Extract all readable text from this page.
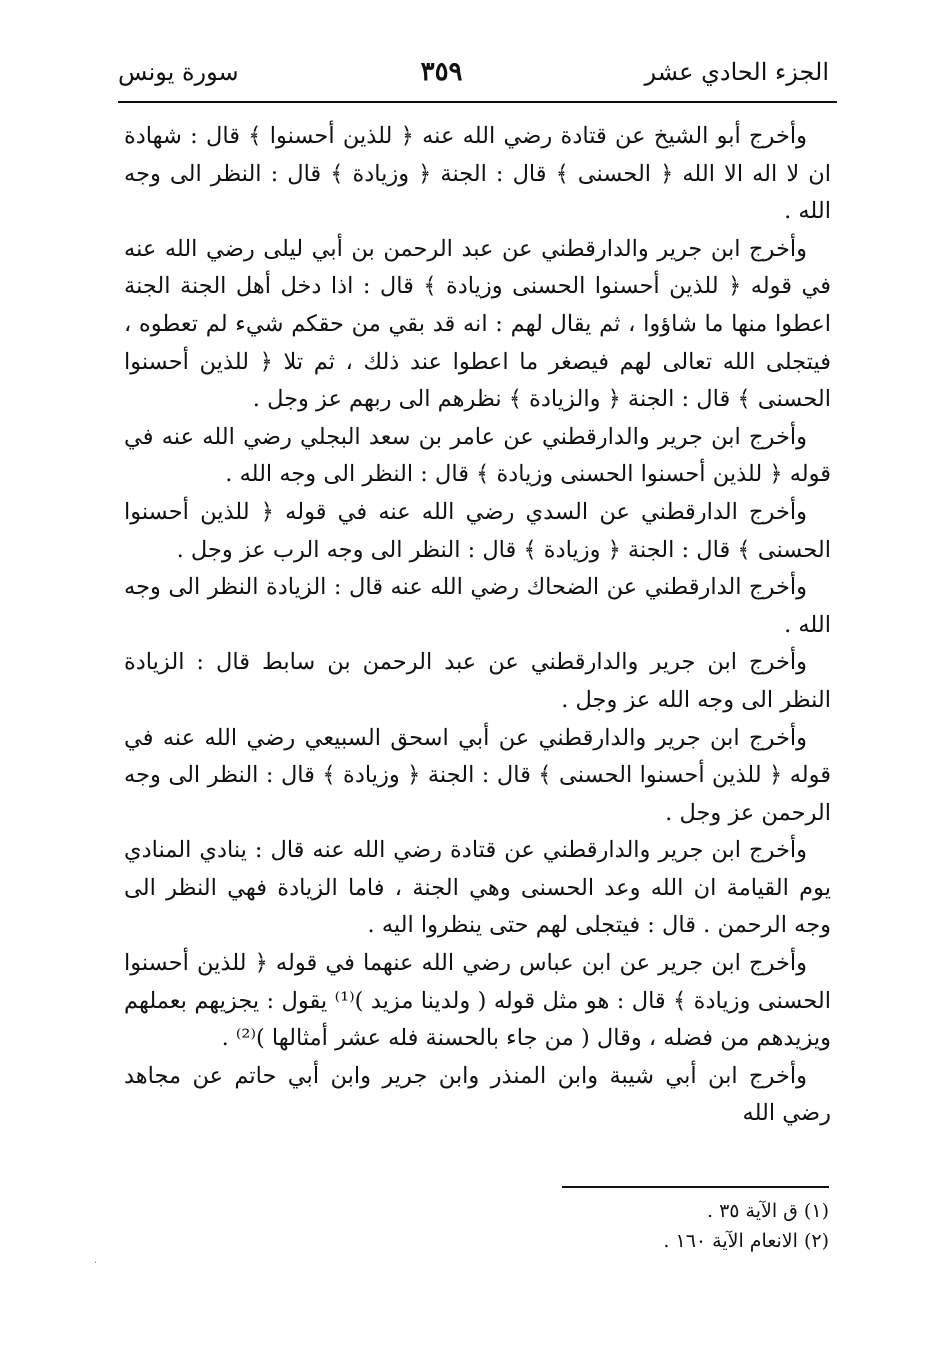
الجزء الحادي عشر
٣٥٩
سورة يونس

وأخرج أبو الشيخ عن قتادة رضي الله عنه ﴿ للذين أحسنوا ﴾ قال : شهادة ان لا اله الا الله ﴿ الحسنى ﴾ قال : الجنة ﴿ وزيادة ﴾ قال : النظر الى وجه الله .

وأخرج ابن جرير والدارقطني عن عبد الرحمن بن أبي ليلى رضي الله عنه في قوله ﴿ للذين أحسنوا الحسنى وزيادة ﴾ قال : اذا دخل أهل الجنة الجنة اعطوا منها ما شاؤوا ، ثم يقال لهم : انه قد بقي من حقكم شيء لم تعطوه ، فيتجلى الله تعالى لهم فيصغر ما اعطوا عند ذلك ، ثم تلا ﴿ للذين أحسنوا الحسنى ﴾ قال : الجنة ﴿ والزيادة ﴾ نظرهم الى ربهم عز وجل .

وأخرج ابن جرير والدارقطني عن عامر بن سعد البجلي رضي الله عنه في قوله ﴿ للذين أحسنوا الحسنى وزيادة ﴾ قال : النظر الى وجه الله .

وأخرج الدارقطني عن السدي رضي الله عنه في قوله ﴿ للذين أحسنوا الحسنى ﴾ قال : الجنة ﴿ وزيادة ﴾ قال : النظر الى وجه الرب عز وجل .

وأخرج الدارقطني عن الضحاك رضي الله عنه قال : الزيادة النظر الى وجه الله .

وأخرج ابن جرير والدارقطني عن عبد الرحمن بن سابط قال : الزيادة النظر الى وجه الله عز وجل .

وأخرج ابن جرير والدارقطني عن أبي اسحق السبيعي رضي الله عنه في قوله ﴿ للذين أحسنوا الحسنى ﴾ قال : الجنة ﴿ وزيادة ﴾ قال : النظر الى وجه الرحمن عز وجل .

وأخرج ابن جرير والدارقطني عن قتادة رضي الله عنه قال : ينادي المنادي يوم القيامة ان الله وعد الحسنى وهي الجنة ، فاما الزيادة فهي النظر الى وجه الرحمن . قال : فيتجلى لهم حتى ينظروا اليه .

وأخرج ابن جرير عن ابن عباس رضي الله عنهما في قوله ﴿ للذين أحسنوا الحسنى وزيادة ﴾ قال : هو مثل قوله ( ولدينا مزيد )⁽¹⁾ يقول : يجزيهم بعملهم ويزيدهم من فضله ، وقال ( من جاء بالحسنة فله عشر أمثالها )⁽²⁾ .

وأخرج ابن أبي شيبة وابن المنذر وابن جرير وابن أبي حاتم عن مجاهد رضي الله

(١) ق الآية ٣٥ .
(٢) الانعام الآية ١٦٠ .
·
